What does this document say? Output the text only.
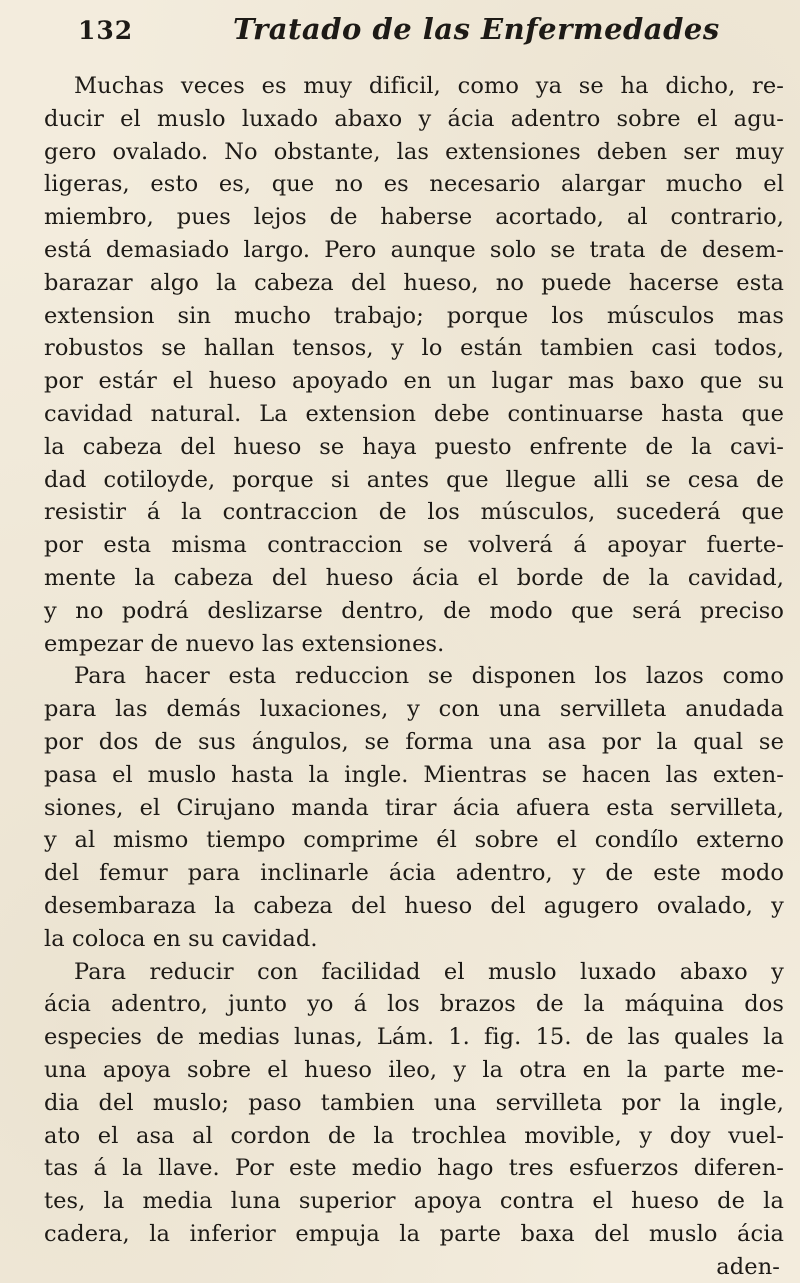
132	Tratado de las Enfermedades
Muchas veces es muy dificil, como ya se ha dicho, re-
ducir el muslo luxado abaxo y ácia adentro sobre el agu-
gero ovalado. No obstante, las extensiones deben ser muy
ligeras, esto es, que no es necesario alargar mucho el
miembro, pues lejos de haberse acortado, al contrario,
está demasiado largo. Pero aunque solo se trata de desem-
barazar algo la cabeza del hueso, no puede hacerse esta
extension sin mucho trabajo; porque los músculos mas
robustos se hallan tensos, y lo están tambien casi todos,
por estár el hueso apoyado en un lugar mas baxo que su
cavidad natural. La extension debe continuarse hasta que
la cabeza del hueso se haya puesto enfrente de la cavi-
dad cotiloyde, porque si antes que llegue alli se cesa de
resistir á la contraccion de los músculos, sucederá que
por esta misma contraccion se volverá á apoyar fuerte-
mente la cabeza del hueso ácia el borde de la cavidad,
y no podrá deslizarse dentro, de modo que será preciso
empezar de nuevo las extensiones.
Para hacer esta reduccion se disponen los lazos como
para las demás luxaciones, y con una servilleta anudada
por dos de sus ángulos, se forma una asa por la qual se
pasa el muslo hasta la ingle. Mientras se hacen las exten-
siones, el Cirujano manda tirar ácia afuera esta servilleta,
y al mismo tiempo comprime él sobre el condílo externo
del femur para inclinarle ácia adentro, y de este modo
desembaraza la cabeza del hueso del agugero ovalado, y
la coloca en su cavidad.
Para reducir con facilidad el muslo luxado abaxo y
ácia adentro, junto yo á los brazos de la máquina dos
especies de medias lunas, Lám. 1. fig. 15. de las quales la
una apoya sobre el hueso ileo, y la otra en la parte me-
dia del muslo; paso tambien una servilleta por la ingle,
ato el asa al cordon de la trochlea movible, y doy vuel-
tas á la llave. Por este medio hago tres esfuerzos diferen-
tes, la media luna superior apoya contra el hueso de la
cadera, la inferior empuja la parte baxa del muslo ácia
aden-
